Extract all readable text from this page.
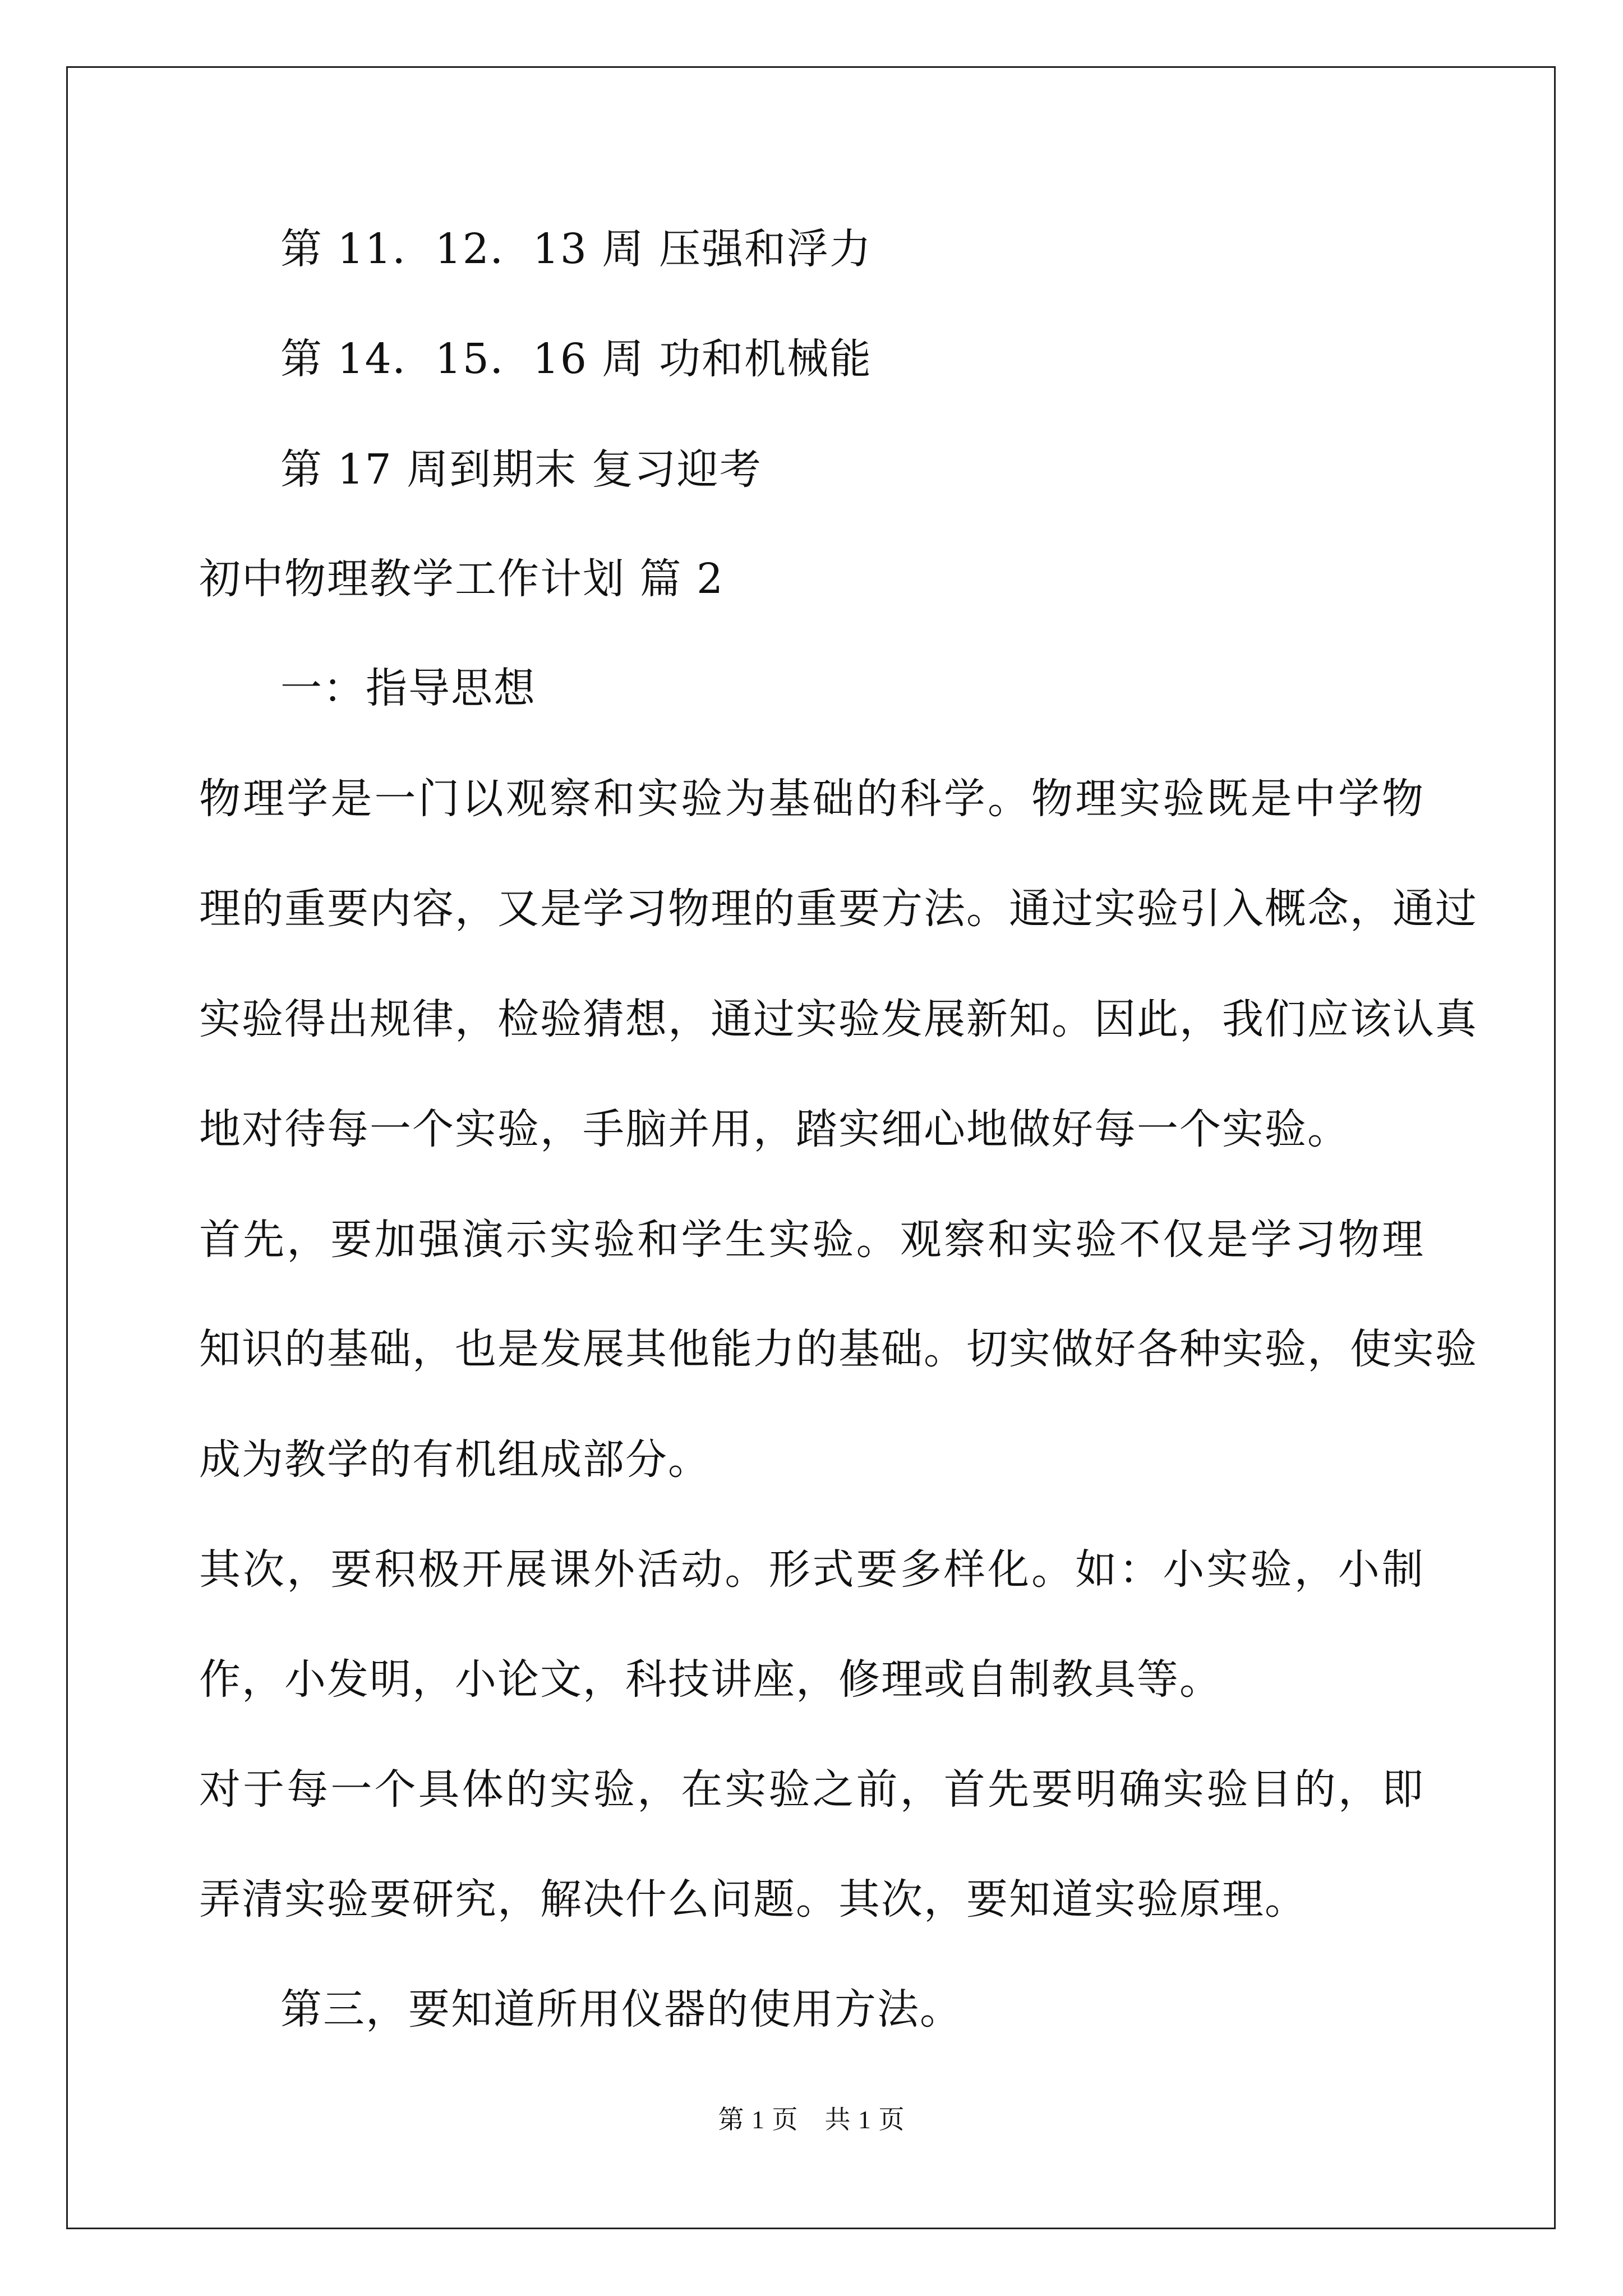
第 11．12．13 周 压强和浮力
第 14．15．16 周 功和机械能
第 17 周到期末 复习迎考
初中物理教学工作计划 篇 2
一：指导思想
物理学是一门以观察和实验为基础的科学。物理实验既是中学物
理的重要内容，又是学习物理的重要方法。通过实验引入概念，通过
实验得出规律，检验猜想，通过实验发展新知。因此，我们应该认真
地对待每一个实验，手脑并用，踏实细心地做好每一个实验。
首先，要加强演示实验和学生实验。观察和实验不仅是学习物理
知识的基础，也是发展其他能力的基础。切实做好各种实验，使实验
成为教学的有机组成部分。
其次，要积极开展课外活动。形式要多样化。如：小实验，小制
作，小发明，小论文，科技讲座，修理或自制教具等。
对于每一个具体的实验，在实验之前，首先要明确实验目的，即
弄清实验要研究，解决什么问题。其次，要知道实验原理。
第三，要知道所用仪器的使用方法。
第 1 页　共 1 页
